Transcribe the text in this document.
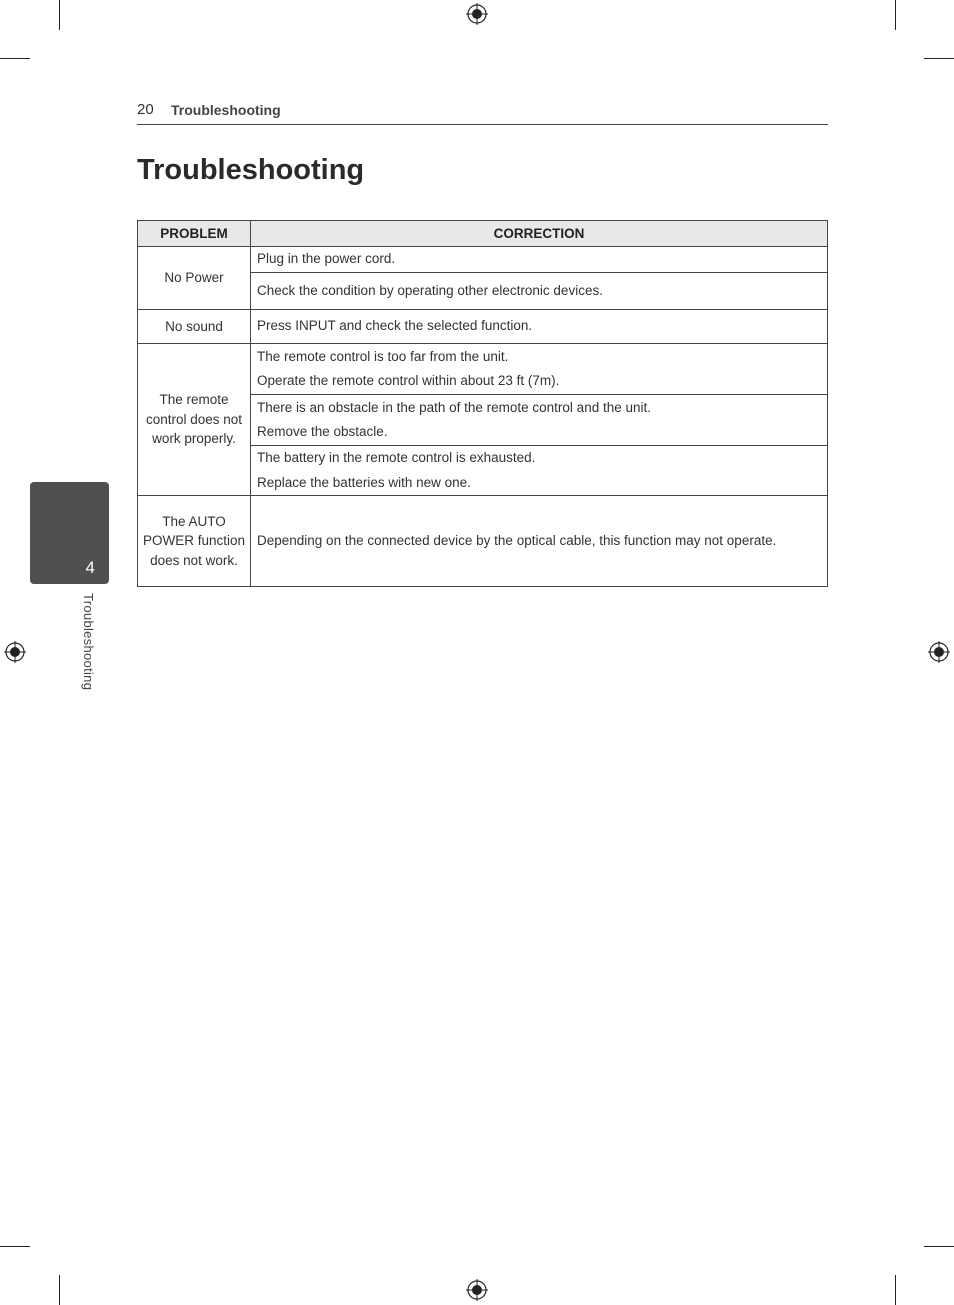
20 Troubleshooting
Troubleshooting
4
Troubleshooting
PROBLEM	CORRECTION
No Power	Plug in the power cord.

	Check the condition by operating other electronic devices.

No sound	Press INPUT and check the selected function.

The remote control does not work properly.	The remote control is too far from the unit.
Operate the remote control within about 23 ft (7m).

	There is an obstacle in the path of the remote control and the unit.
Remove the obstacle.

	The battery in the remote control is exhausted.
Replace the batteries with new one.

The AUTO POWER function does not work.	Depending on the connected device by the optical cable, this function may not operate.
